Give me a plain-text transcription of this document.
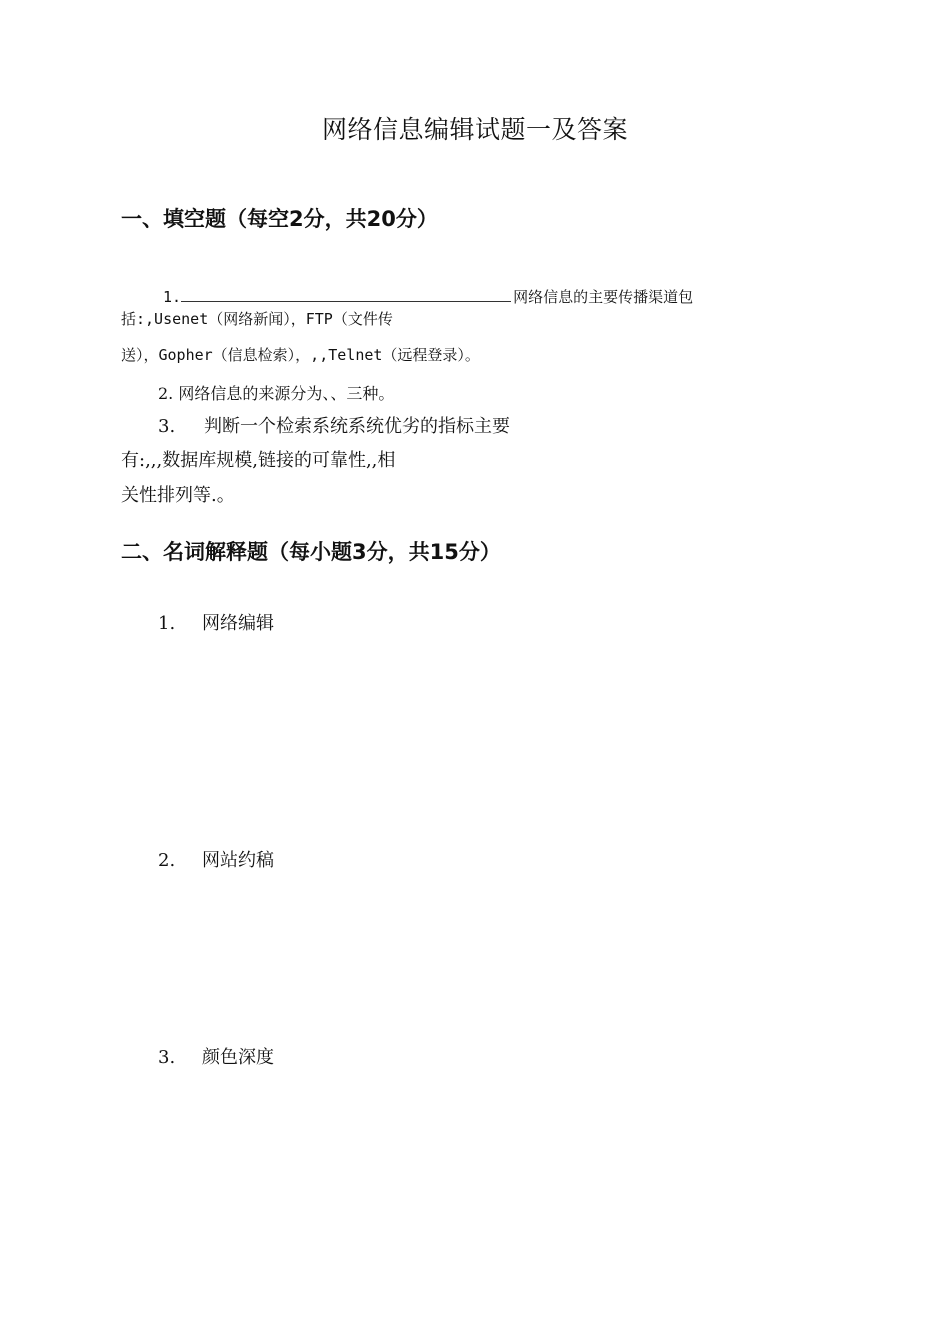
网络信息编辑试题一及答案
一、填空题（每空2分，共20分）
1.	网络信息的主要传播渠道包
括:,Usenet（网络新闻），FTP（文件传
送），Gopher（信息检索），,,Telnet（远程登录）。
2. 网络信息的来源分为、、三种。
3. 判断一个检索系统系统优劣的指标主要
有:,,,数据库规模,链接的可靠性,,相
关性排列等.。
二、名词解释题（每小题3分，共15分）
1. 网络编辑
2. 网站约稿
3. 颜色深度
